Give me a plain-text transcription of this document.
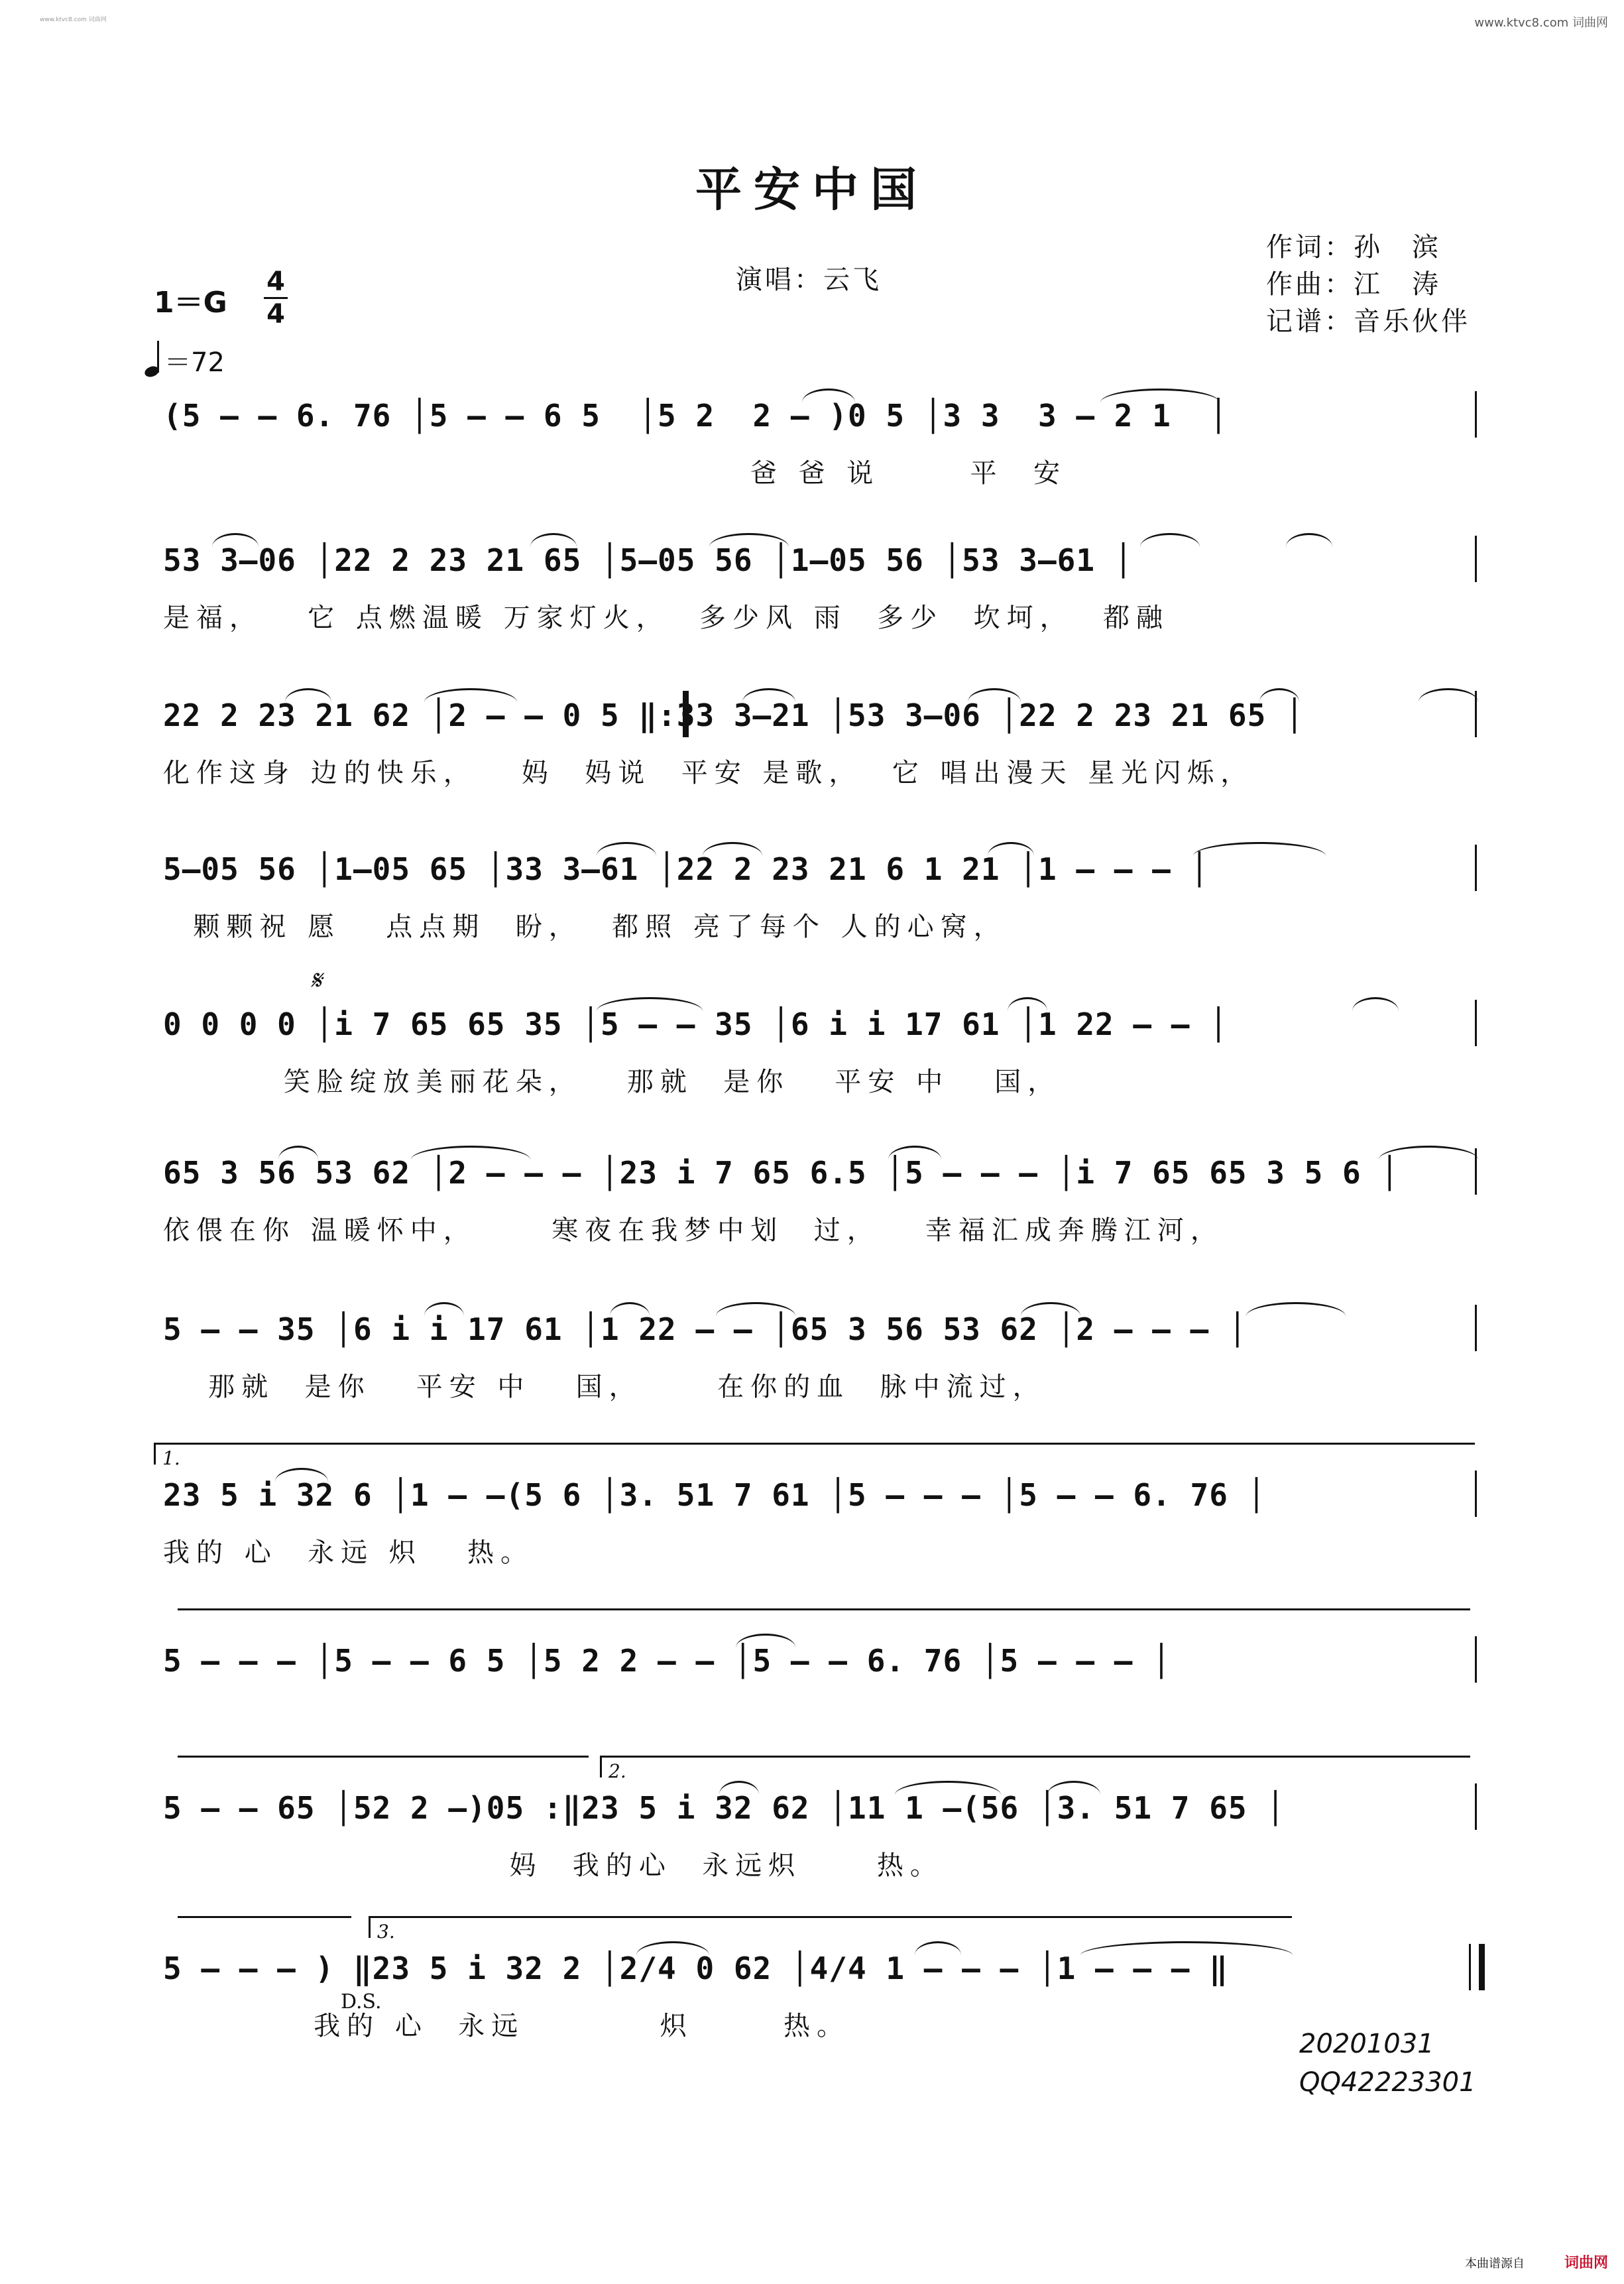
www.ktvc8.com 词曲网	www.ktvc8.com 词曲网
平安中国
演唱：云飞
作词：孙　滨
作曲：江　涛
记谱：音乐伙伴
1＝G
4
4
＝72
(5 – – 6. 76 │5 – – 6 5  │5 2  2 – )0 5 │3 3  3 – 2 1  │
爸 爸 说      平  安
53 3–06 │22 2 23 21 65 │5–05 56 │1–05 56 │53 3–61 │
是福，   它 点燃温暖 万家灯火，  多少风 雨  多少  坎坷，  都融
22 2 23 21 62 │2 – – 0 5 ‖:33 3–21 │53 3–06 │22 2 23 21 65 │
化作这身 边的快乐，   妈  妈说  平安 是歌，  它 唱出漫天 星光闪烁，
5–05 56 │1–05 65 │33 3–61 │22 2 23 21 6 1 21 │1 – – – │
颗颗祝 愿   点点期  盼，  都照 亮了每个 人的心窝，
𝄋
0 0 0 0 │i 7 65 65 35 │5 – – 35 │6 i i 17 61 │1 22 – – │
笑脸绽放美丽花朵，   那就  是你   平安 中   国，
65 3 56 53 62 │2 – – – │23 i 7 65 6.5 │5 – – – │i 7 65 65 3 5 6 │
依偎在你 温暖怀中，     寒夜在我梦中划  过，   幸福汇成奔腾江河，
5 – – 35 │6 i i 17 61 │1 22 – – │65 3 56 53 62 │2 – – – │
那就  是你   平安 中   国，     在你的血  脉中流过，
1.
23 5 i 32 6 │1 – –(5 6 │3. 51 7 61 │5 – – – │5 – – 6. 76 │
我的 心  永远 炽   热。
5 – – – │5 – – 6 5 │5 2 2 – – │5 – – 6. 76 │5 – – – │
2.
5 – – 65 │52 2 –)05 :‖23 5 i 32 62 │11 1 –(56 │3. 51 7 65 │
妈  我的心  永远炽     热。
3.
5 – – – ) ‖23 5 i 32 2 │2/4 0 62 │4/4 1 – – – │1 – – – ‖
我的 心  永远         炽      热。
D.S.
20201031
QQ42223301
本曲谱源自	词曲网
